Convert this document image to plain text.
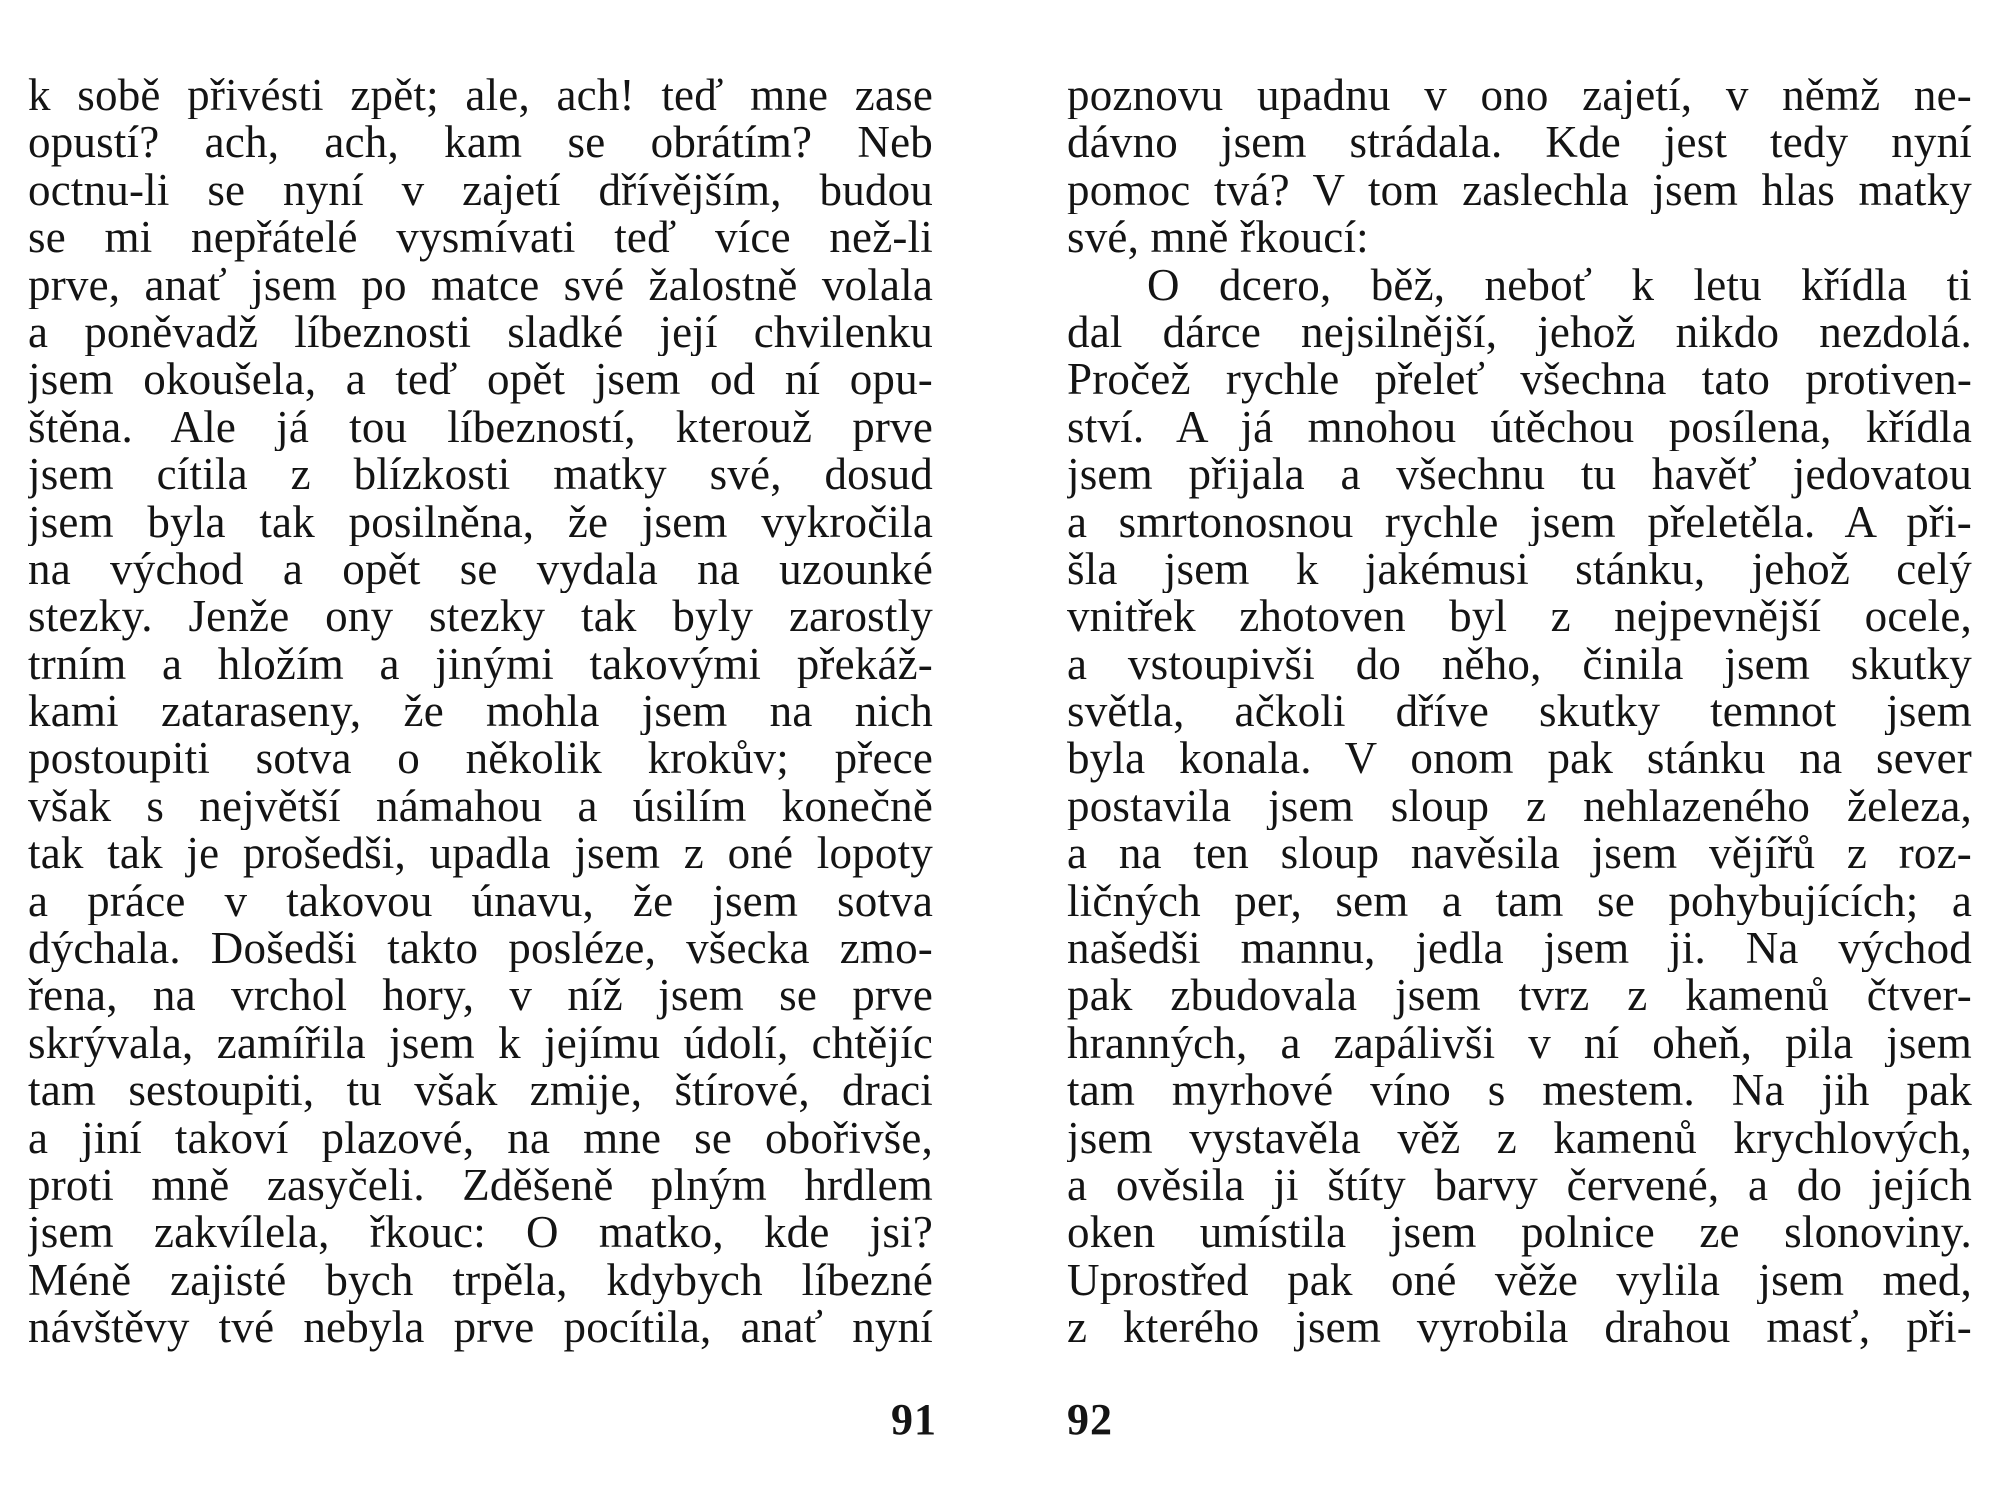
k sobě přivésti zpět; ale, ach! teď mne zase
opustí? ach, ach, kam se obrátím? Neb
octnu-li se nyní v zajetí dřívějším, budou
se mi nepřátelé vysmívati teď více než-li
prve, anať jsem po matce své žalostně volala
a poněvadž líbeznosti sladké její chvilenku
jsem okoušela, a teď opět jsem od ní opu-
štěna. Ale já tou líbezností, kterouž prve
jsem cítila z blízkosti matky své, dosud
jsem byla tak posilněna, že jsem vykročila
na východ a opět se vydala na uzounké
stezky. Jenže ony stezky tak byly zarostly
trním a hložím a jinými takovými překáž-
kami zataraseny, že mohla jsem na nich
postoupiti sotva o několik krokův; přece
však s největší námahou a úsilím konečně
tak tak je prošedši, upadla jsem z oné lopoty
a práce v takovou únavu, že jsem sotva
dýchala. Došedši takto posléze, všecka zmo-
řena, na vrchol hory, v níž jsem se prve
skrývala, zamířila jsem k jejímu údolí, chtějíc
tam sestoupiti, tu však zmije, štírové, draci
a jiní takoví plazové, na mne se obořivše,
proti mně zasyčeli. Zděšeně plným hrdlem
jsem zakvílela, řkouc: O matko, kde jsi?
Méně zajisté bych trpěla, kdybych líbezné
návštěvy tvé nebyla prve pocítila, anať nyní
91
poznovu upadnu v ono zajetí, v němž ne-
dávno jsem strádala. Kde jest tedy nyní
pomoc tvá? V tom zaslechla jsem hlas matky
své, mně řkoucí:
O dcero, běž, neboť k letu křídla ti
dal dárce nejsilnější, jehož nikdo nezdolá.
Pročež rychle přeleť všechna tato protiven-
ství. A já mnohou útěchou posílena, křídla
jsem přijala a všechnu tu havěť jedovatou
a smrtonosnou rychle jsem přeletěla. A při-
šla jsem k jakémusi stánku, jehož celý
vnitřek zhotoven byl z nejpevnější ocele,
a vstoupivši do něho, činila jsem skutky
světla, ačkoli dříve skutky temnot jsem
byla konala. V onom pak stánku na sever
postavila jsem sloup z nehlazeného železa,
a na ten sloup navěsila jsem vějířů z roz-
ličných per, sem a tam se pohybujících; a
našedši mannu, jedla jsem ji. Na východ
pak zbudovala jsem tvrz z kamenů čtver-
hranných, a zapálivši v ní oheň, pila jsem
tam myrhové víno s mestem. Na jih pak
jsem vystavěla věž z kamenů krychlových,
a ověsila ji štíty barvy červené, a do jejích
oken umístila jsem polnice ze slonoviny.
Uprostřed pak oné věže vylila jsem med,
z kterého jsem vyrobila drahou masť, při-
92
